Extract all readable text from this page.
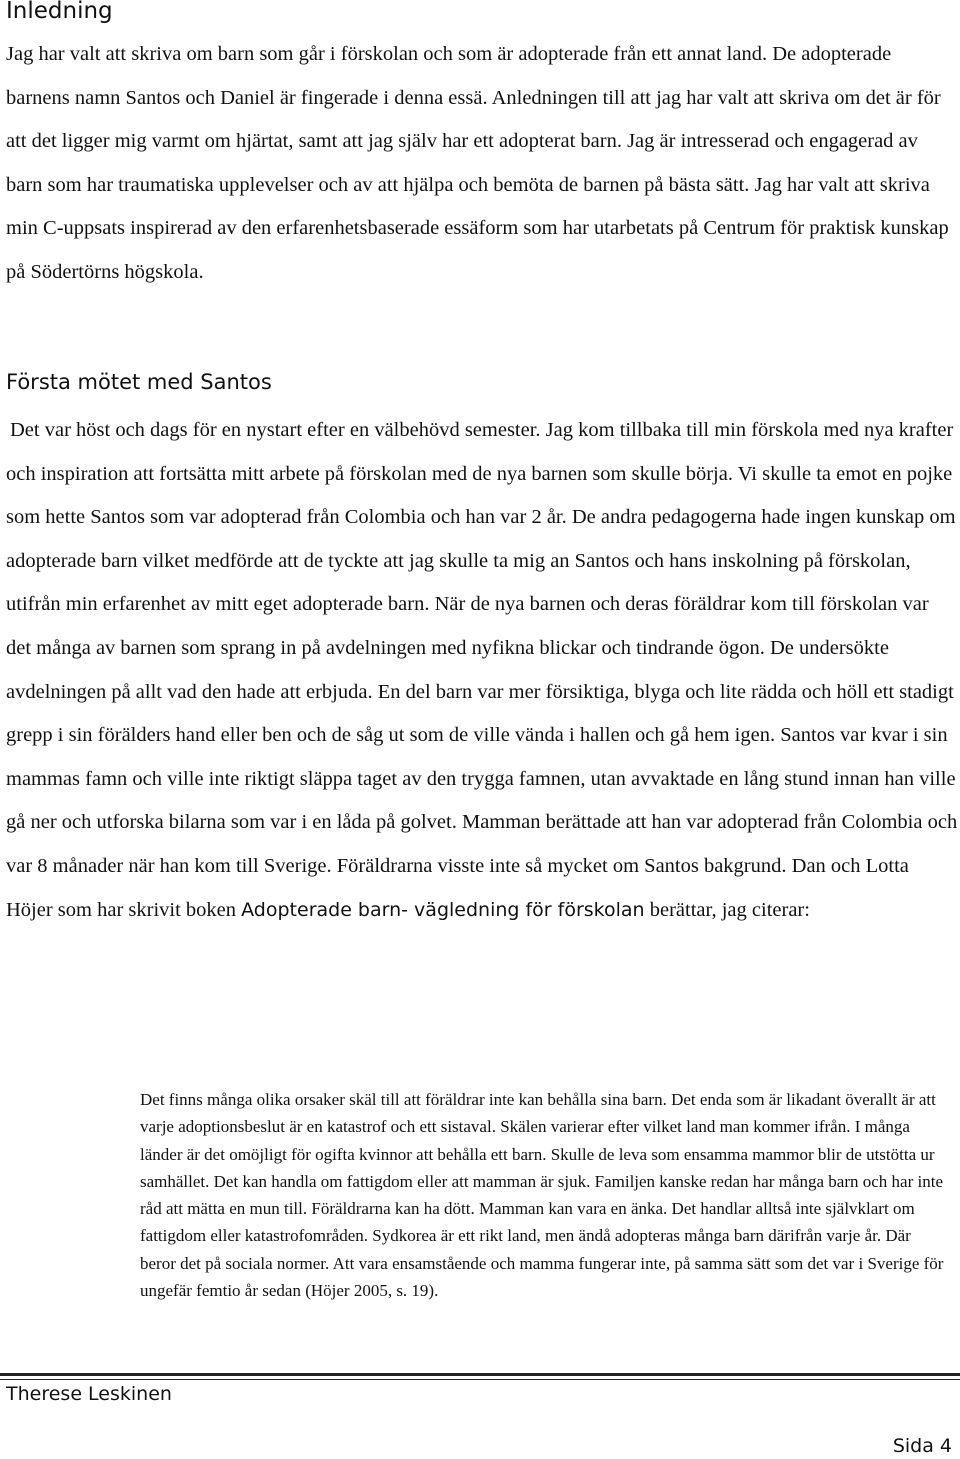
Inledning

Jag har valt att skriva om barn som går i förskolan och som är adopterade från ett annat land. De adopterade barnens namn Santos och Daniel är fingerade i denna essä. Anledningen till att jag har valt att skriva om det är för att det ligger mig varmt om hjärtat, samt att jag själv har ett adopterat barn. Jag är intresserad och engagerad av barn som har traumatiska upplevelser och av att hjälpa och bemöta de barnen på bästa sätt. Jag har valt att skriva min C-uppsats inspirerad av den erfarenhetsbaserade essäform som har utarbetats på Centrum för praktisk kunskap på Södertörns högskola.

Första mötet med Santos

Det var höst och dags för en nystart efter en välbehövd semester. Jag kom tillbaka till min förskola med nya krafter och inspiration att fortsätta mitt arbete på förskolan med de nya barnen som skulle börja. Vi skulle ta emot en pojke som hette Santos som var adopterad från Colombia och han var 2 år. De andra pedagogerna hade ingen kunskap om adopterade barn vilket medförde att de tyckte att jag skulle ta mig an Santos och hans inskolning på förskolan, utifrån min erfarenhet av mitt eget adopterade barn. När de nya barnen och deras föräldrar kom till förskolan var det många av barnen som sprang in på avdelningen med nyfikna blickar och tindrande ögon. De undersökte avdelningen på allt vad den hade att erbjuda. En del barn var mer försiktiga, blyga och lite rädda och höll ett stadigt grepp i sin förälders hand eller ben och de såg ut som de ville vända i hallen och gå hem igen. Santos var kvar i sin mammas famn och ville inte riktigt släppa taget av den trygga famnen, utan avvaktade en lång stund innan han ville gå ner och utforska bilarna som var i en låda på golvet. Mamman berättade att han var adopterad från Colombia och var 8 månader när han kom till Sverige. Föräldrarna visste inte så mycket om Santos bakgrund. Dan och Lotta Höjer som har skrivit boken Adopterade barn- vägledning för förskolan berättar, jag citerar:

Det finns många olika orsaker skäl till att föräldrar inte kan behålla sina barn. Det enda som är likadant överallt är att varje adoptionsbeslut är en katastrof och ett sistaval. Skälen varierar efter vilket land man kommer ifrån. I många länder är det omöjligt för ogifta kvinnor att behålla ett barn. Skulle de leva som ensamma mammor blir de utstötta ur samhället. Det kan handla om fattigdom eller att mamman är sjuk. Familjen kanske redan har många barn och har inte råd att mätta en mun till. Föräldrarna kan ha dött. Mamman kan vara en änka. Det handlar alltså inte självklart om fattigdom eller katastrofområden. Sydkorea är ett rikt land, men ändå adopteras många barn därifrån varje år. Där beror det på sociala normer. Att vara ensamstående och mamma fungerar inte, på samma sätt som det var i Sverige för ungefär femtio år sedan (Höjer 2005, s. 19).

Therese Leskinen
Sida 4
